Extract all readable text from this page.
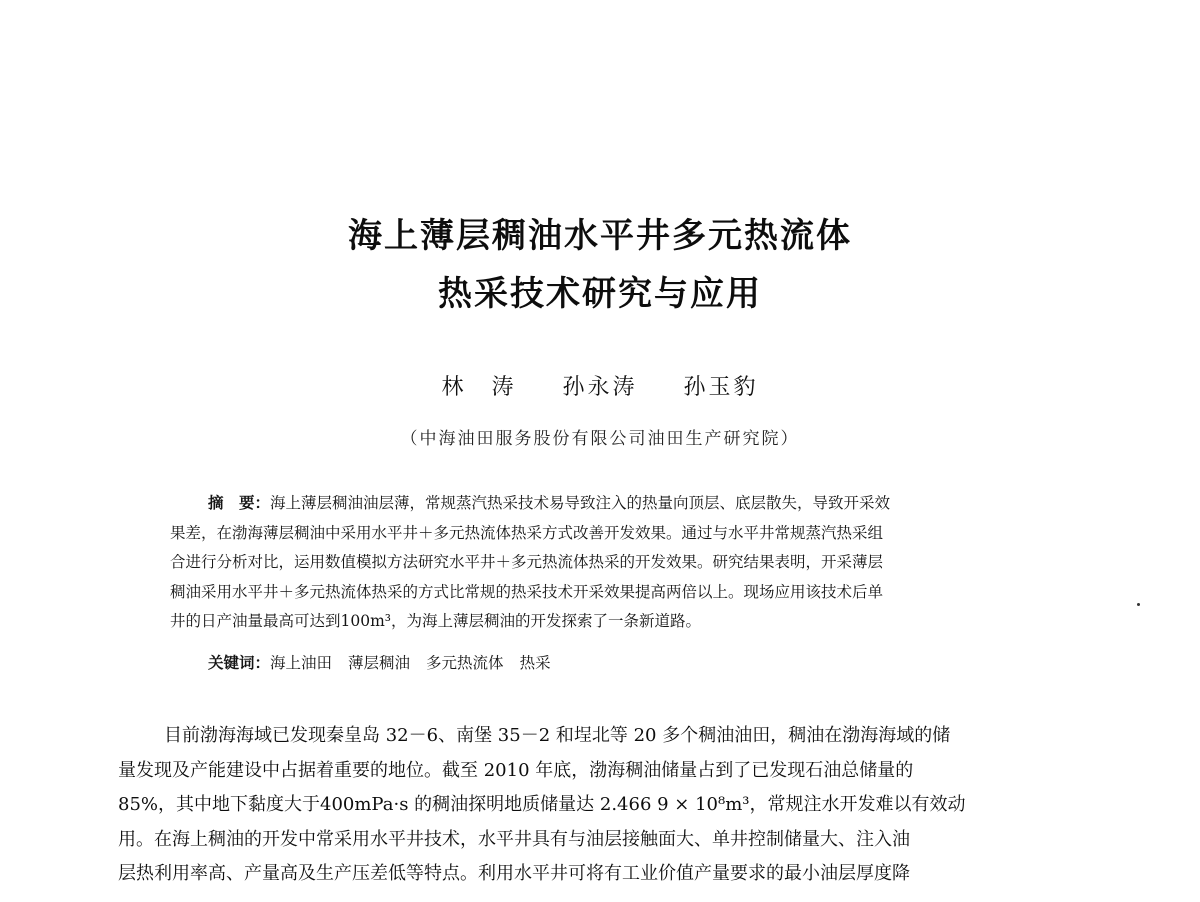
海上薄层稠油水平井多元热流体
热采技术研究与应用
林　涛 孙永涛 孙玉豹
（中海油田服务股份有限公司油田生产研究院）
摘　要：海上薄层稠油油层薄，常规蒸汽热采技术易导致注入的热量向顶层、底层散失，导致开采效
果差，在渤海薄层稠油中采用水平井＋多元热流体热采方式改善开发效果。通过与水平井常规蒸汽热采组
合进行分析对比，运用数值模拟方法研究水平井＋多元热流体热采的开发效果。研究结果表明，开采薄层
稠油采用水平井＋多元热流体热采的方式比常规的热采技术开采效果提高两倍以上。现场应用该技术后单
井的日产油量最高可达到100m³，为海上薄层稠油的开发探索了一条新道路。
关键词：海上油田 薄层稠油 多元热流体 热采
目前渤海海域已发现秦皇岛 32－6、南堡 35－2 和埕北等 20 多个稠油油田，稠油在渤海海域的储
量发现及产能建设中占据着重要的地位。截至 2010 年底，渤海稠油储量占到了已发现石油总储量的
85%，其中地下黏度大于400mPa·s 的稠油探明地质储量达 2.466 9 × 10⁸m³，常规注水开发难以有效动
用。在海上稠油的开发中常采用水平井技术，水平井具有与油层接触面大、单井控制储量大、注入油
层热利用率高、产量高及生产压差低等特点。利用水平井可将有工业价值产量要求的最小油层厚度降
